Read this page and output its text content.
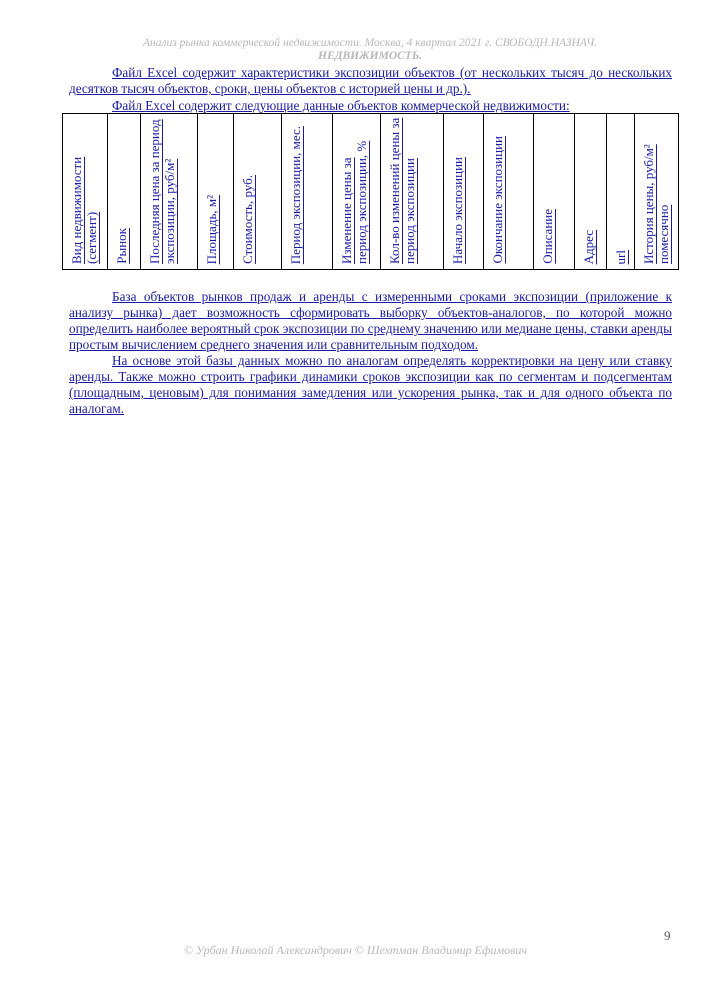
Анализ рынка коммерческой недвижимости. Москва, 4 квартал 2021 г. СВОБОДН.НАЗНАЧ.
НЕДВИЖИМОСТЬ.

Файл Excel содержит характеристики экспозиции объектов (от нескольких тысяч до нескольких десятков тысяч объектов, сроки, цены объектов с историей цены и др.).

Файл Excel содержит следующие данные объектов коммерческой недвижимости:

Вид недвижимости (сегмент)	Рынок	Последняя цена за период экспозиции, руб/м²	Площадь, м²	Стоимость, руб.	Период экспозиции, мес.	Изменение цены за период экспозиции, %	Кол-во изменений цены за период экспозиции	Начало экспозиции	Окончание экспозиции	Описание	Адрес	url	История цены, руб/м² помесячно

База объектов рынков продаж и аренды с измеренными сроками экспозиции (приложение к анализу рынка) дает возможность сформировать выборку объектов-аналогов, по которой можно определить наиболее вероятный срок экспозиции по среднему значению или медиане цены, ставки аренды простым вычислением среднего значения или сравнительным подходом.

На основе этой базы данных можно по аналогам определять корректировки на цену или ставку аренды. Также можно строить графики динамики сроков экспозиции как по сегментам и подсегментам (площадным, ценовым) для понимания замедления или ускорения рынка, так и для одного объекта по аналогам.

9
© Урбан Николай Александрович © Шехтман Владимир Ефимович
